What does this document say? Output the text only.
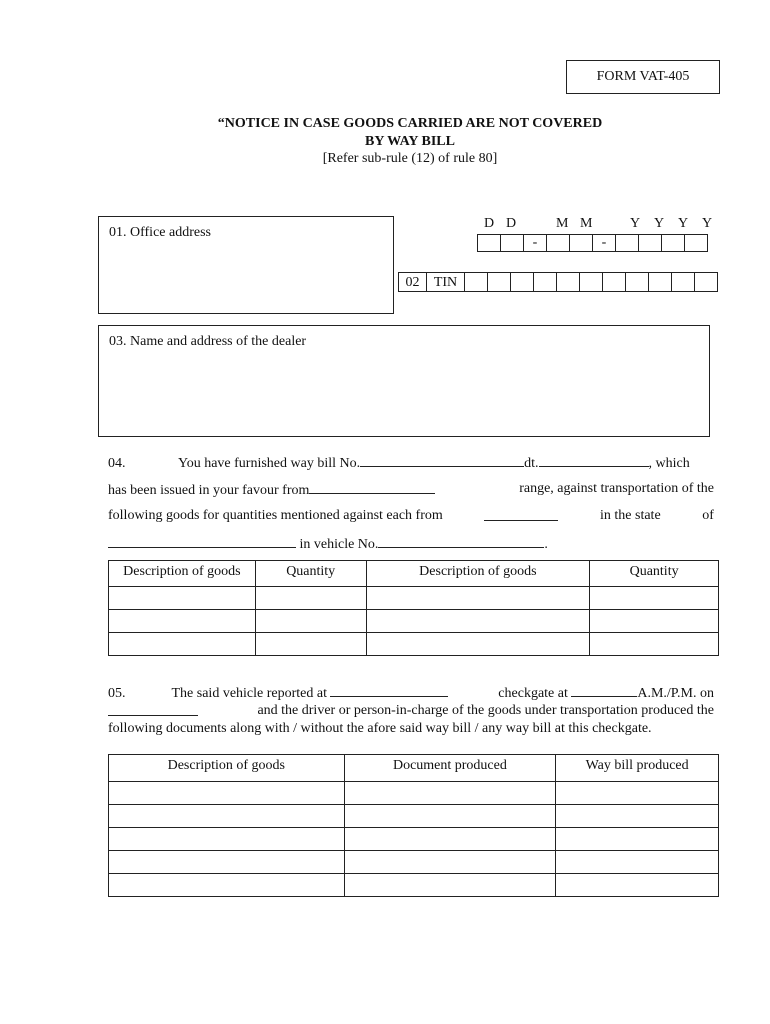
FORM VAT-405
“NOTICE IN CASE GOODS CARRIED ARE NOT COVERED
BY WAY BILL
[Refer sub-rule (12) of rule 80]
01. Office address
D D	M M	Y Y Y Y
-	-
02	TIN
03. Name and address of the dealer
04.	You have furnished way bill No.	dt.	, which
has been issued in your favour from	range, against transportation of the
following goods for quantities mentioned against each from	in the state	of
in vehicle No.	.
Description of goods	Quantity	Description of goods	Quantity

05.	The said vehicle reported at	checkgate at	A.M./P.M. on
and the driver or person-in-charge of the goods under transportation produced the
following documents along with / without the afore said way bill / any way bill at this checkgate.
Description of goods	Document produced	Way bill produced
